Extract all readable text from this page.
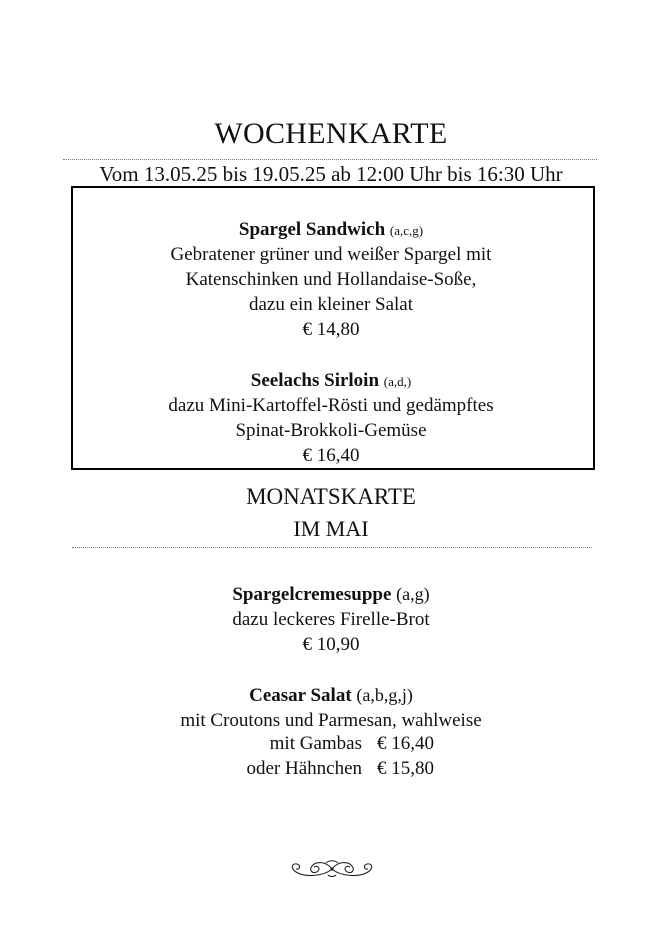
WOCHENKARTE
Vom 13.05.25 bis 19.05.25 ab 12:00 Uhr bis 16:30 Uhr
Spargel Sandwich (a,c,g)
Gebratener grüner und weißer Spargel mit
Katenschinken und Hollandaise-Soße,
dazu ein kleiner Salat
€ 14,80
Seelachs Sirloin (a,d,)
dazu Mini-Kartoffel-Rösti und gedämpftes
Spinat-Brokkoli-Gemüse
€ 16,40
MONATSKARTE
IM MAI
Spargelcremesuppe (a,g)
dazu leckeres Firelle-Brot
€ 10,90
Ceasar Salat (a,b,g,j)
mit Croutons und Parmesan, wahlweise
mit Gambas € 16,40
oder Hähnchen € 15,80
